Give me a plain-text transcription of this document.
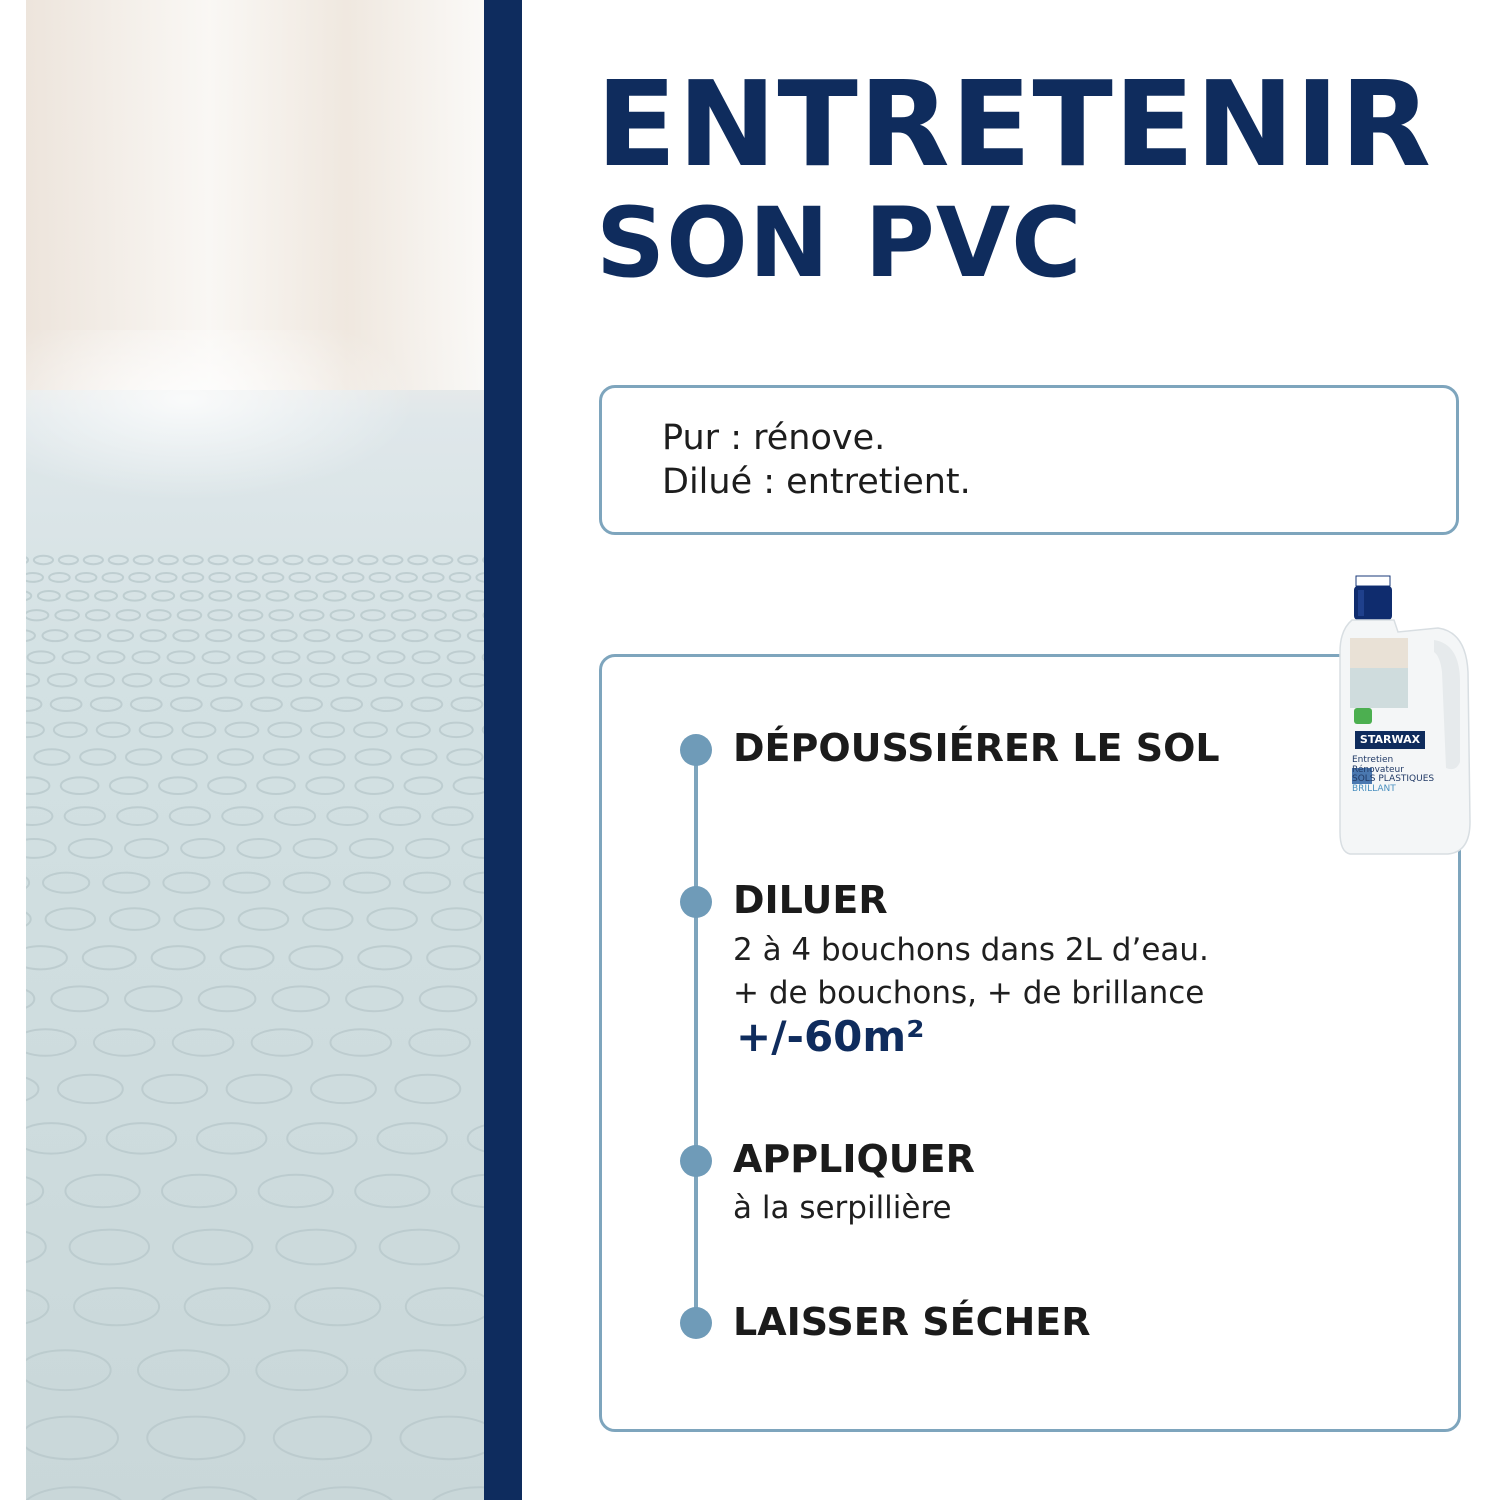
ENTRETENIR
SON PVC
Pur : rénove.
Dilué : entretient.
DÉPOUSSIÉRER LE SOL
DILUER
2 à 4 bouchons dans 2L d’eau.
+ de bouchons, + de brillance
+/-60m²
APPLIQUER
à la serpillière
LAISSER SÉCHER
STARWAX
Entretien
Rénovateur
SOLS PLASTIQUES
BRILLANT
